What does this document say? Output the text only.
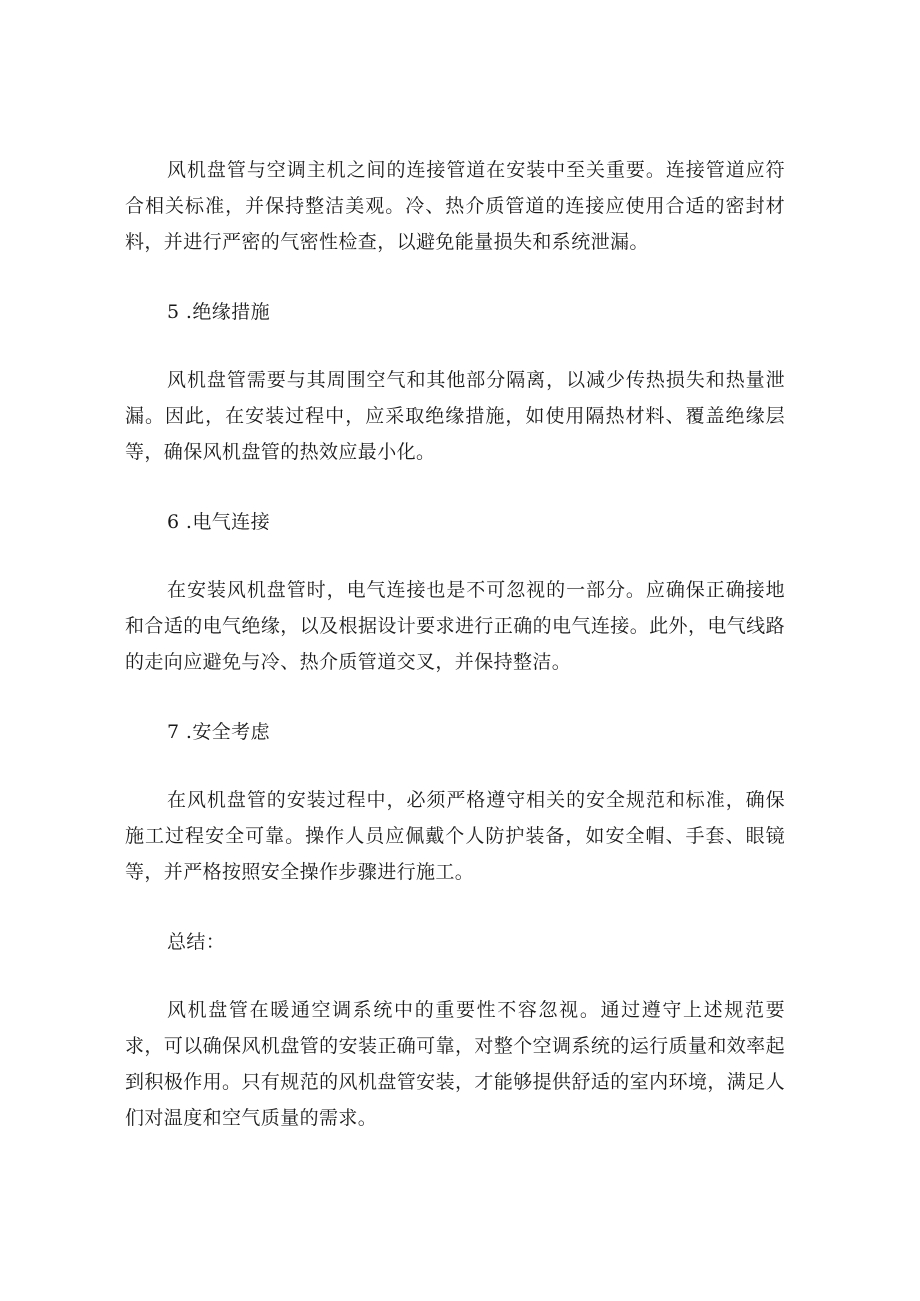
风机盘管与空调主机之间的连接管道在安装中至关重要。连接管道应符合相关标准，并保持整洁美观。冷、热介质管道的连接应使用合适的密封材料，并进行严密的气密性检查，以避免能量损失和系统泄漏。

5 .绝缘措施

风机盘管需要与其周围空气和其他部分隔离，以减少传热损失和热量泄漏。因此，在安装过程中，应采取绝缘措施，如使用隔热材料、覆盖绝缘层等，确保风机盘管的热效应最小化。

6 .电气连接

在安装风机盘管时，电气连接也是不可忽视的一部分。应确保正确接地和合适的电气绝缘，以及根据设计要求进行正确的电气连接。此外，电气线路的走向应避免与冷、热介质管道交叉，并保持整洁。

7 .安全考虑

在风机盘管的安装过程中，必须严格遵守相关的安全规范和标准，确保施工过程安全可靠。操作人员应佩戴个人防护装备，如安全帽、手套、眼镜等，并严格按照安全操作步骤进行施工。

总结：

风机盘管在暖通空调系统中的重要性不容忽视。通过遵守上述规范要求，可以确保风机盘管的安装正确可靠，对整个空调系统的运行质量和效率起到积极作用。只有规范的风机盘管安装，才能够提供舒适的室内环境，满足人们对温度和空气质量的需求。
